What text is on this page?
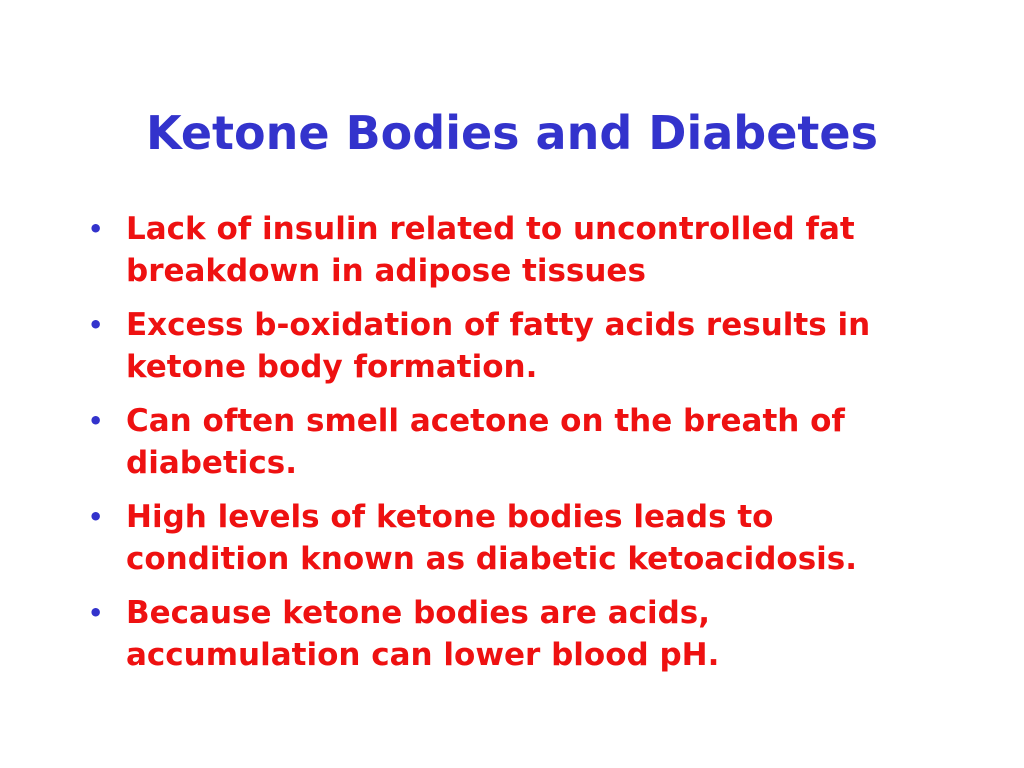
Ketone Bodies and Diabetes
• Lack of insulin related to uncontrolled fat breakdown in adipose tissues
• Excess b-oxidation of fatty acids results in ketone body formation.
• Can often smell acetone on the breath of diabetics.
• High levels of ketone bodies leads to condition known as diabetic ketoacidosis.
• Because ketone bodies are acids, accumulation can lower blood pH.
